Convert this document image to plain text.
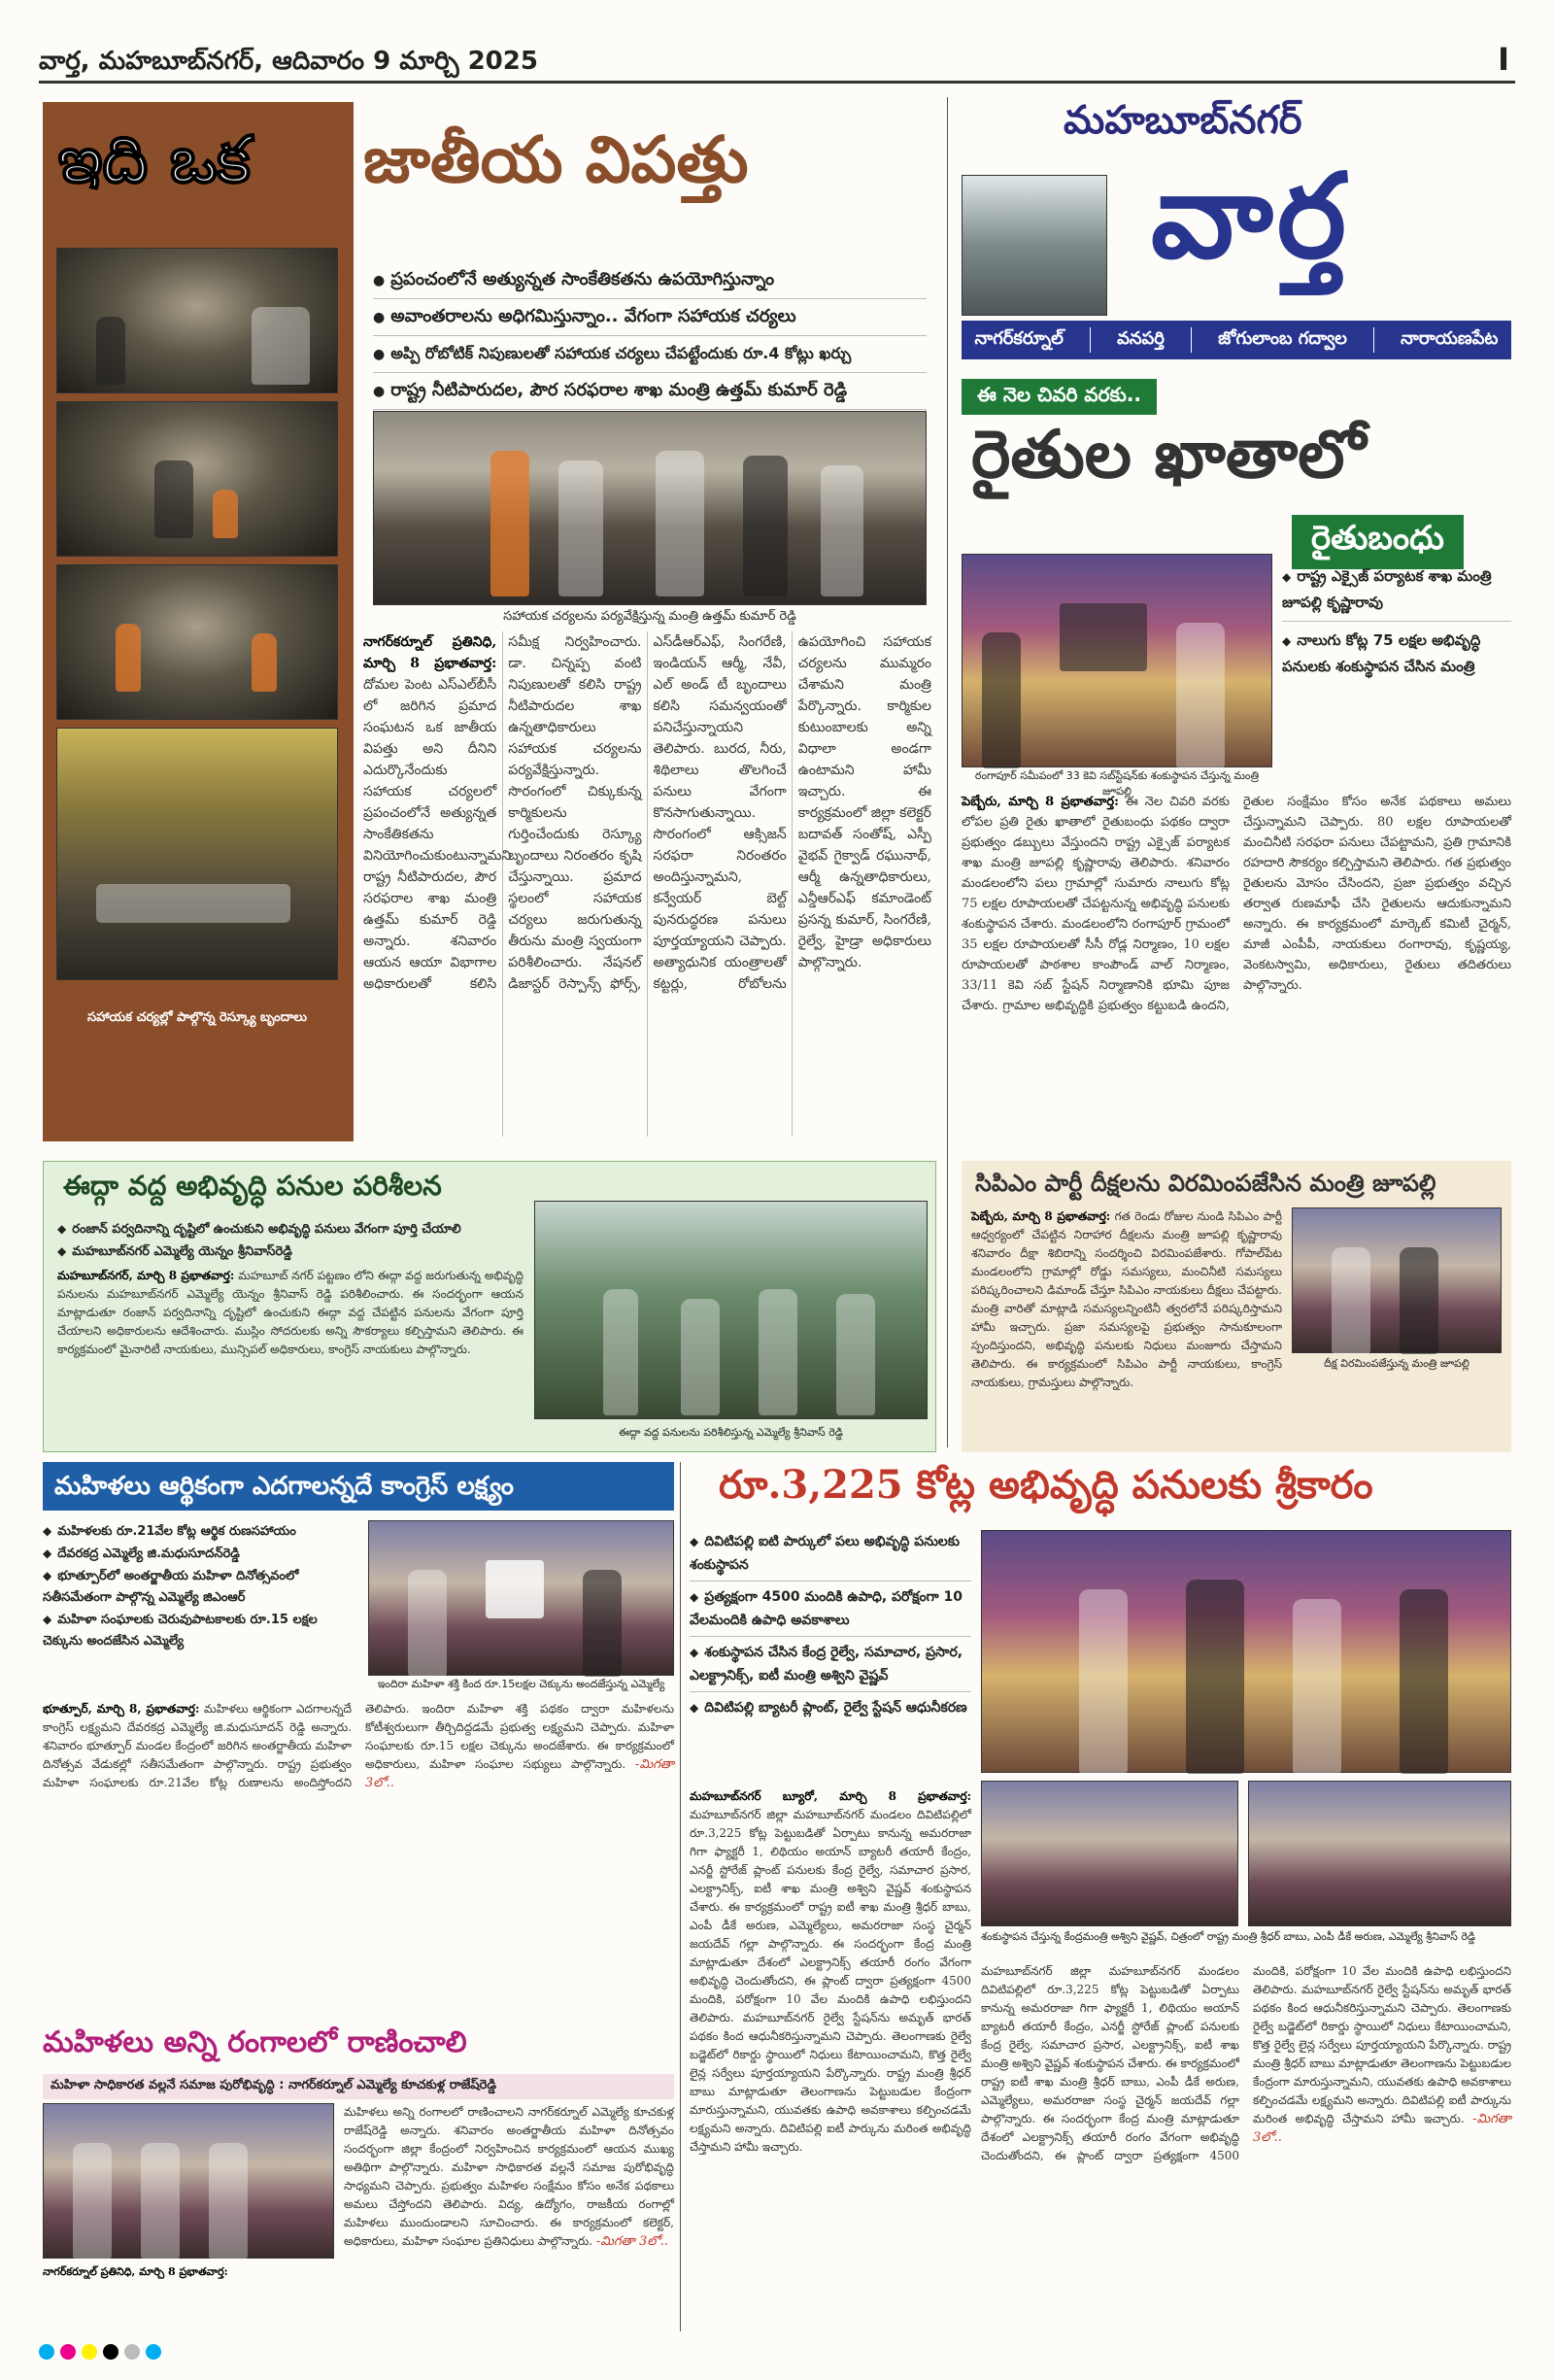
వార్త, మహబూబ్‌నగర్, ఆదివారం 9 మార్చి 2025	I
ఇది ఒక జాతీయ విపత్తు
సహాయక చర్యల్లో పాల్గొన్న రెస్క్యూ బృందాలు
● ప్రపంచంలోనే అత్యున్నత సాంకేతికతను ఉపయోగిస్తున్నాం
● అవాంతరాలను అధిగమిస్తున్నాం.. వేగంగా సహాయక చర్యలు
● అప్పి రోబోటిక్ నిపుణులతో సహాయక చర్యలు చేపట్టేందుకు రూ.4 కోట్లు ఖర్చు
● రాష్ట్ర నీటిపారుదల, పౌర సరఫరాల శాఖ మంత్రి ఉత్తమ్ కుమార్ రెడ్డి
సహాయక చర్యలను పర్యవేక్షిస్తున్న మంత్రి ఉత్తమ్ కుమార్ రెడ్డి
నాగర్‌కర్నూల్ ప్రతినిధి, మార్చి 8 ప్రభాతవార్త: దోమల పెంట ఎస్ఎల్‌బీసీ లో జరిగిన ప్రమాద సంఘటన ఒక జాతీయ విపత్తు అని దీనిని ఎదుర్కొనేందుకు సహాయక చర్యలలో ప్రపంచంలోనే అత్యున్నత సాంకేతికతను వినియోగించుకుంటున్నామని రాష్ట్ర నీటిపారుదల, పౌర సరఫరాల శాఖ మంత్రి ఉత్తమ్ కుమార్ రెడ్డి అన్నారు. శనివారం ఆయన ఆయా విభాగాల అధికారులతో కలిసి సమీక్ష నిర్వహించారు. డా. చిన్నప్ప వంటి నిపుణులతో కలిసి రాష్ట్ర నీటిపారుదల శాఖ ఉన్నతాధికారులు సహాయక చర్యలను పర్యవేక్షిస్తున్నారు. సొరంగంలో చిక్కుకున్న కార్మికులను గుర్తించేందుకు రెస్క్యూ బృందాలు నిరంతరం కృషి చేస్తున్నాయి. ప్రమాద స్థలంలో సహాయక చర్యలు జరుగుతున్న తీరును మంత్రి స్వయంగా పరిశీలించారు. నేషనల్ డిజాస్టర్ రెస్పాన్స్ ఫోర్స్, ఎస్‌డీఆర్ఎఫ్, సింగరేణి, ఇండియన్ ఆర్మీ, నేవీ, ఎల్ అండ్ టీ బృందాలు కలిసి సమన్వయంతో పనిచేస్తున్నాయని తెలిపారు. బురద, నీరు, శిథిలాలు తొలగించే పనులు వేగంగా కొనసాగుతున్నాయి. సొరంగంలో ఆక్సిజన్ సరఫరా నిరంతరం అందిస్తున్నామని, కన్వేయర్ బెల్ట్ పునరుద్ధరణ పనులు పూర్తయ్యాయని చెప్పారు. అత్యాధునిక యంత్రాలతో కట్టర్లు, రోబోలను ఉపయోగించి సహాయక చర్యలను ముమ్మరం చేశామని మంత్రి పేర్కొన్నారు. కార్మికుల కుటుంబాలకు అన్ని విధాలా అండగా ఉంటామని హామీ ఇచ్చారు. ఈ కార్యక్రమంలో జిల్లా కలెక్టర్ బదావత్ సంతోష్, ఎస్పీ వైభవ్ గైక్వాడ్ రఘునాథ్, ఆర్మీ ఉన్నతాధికారులు, ఎన్డీఆర్ఎఫ్ కమాండెంట్ ప్రసన్న కుమార్, సింగరేణి, రైల్వే, హైడ్రా అధికారులు పాల్గొన్నారు.
మహబూబ్‌నగర్
వార్త
నాగర్‌కర్నూల్	వనపర్తి	జోగులాంబ గద్వాల	నారాయణపేట
ఈ నెల చివరి వరకు..
రైతుల ఖాతాలో
రైతుబంధు
రంగాపూర్ సమీపంలో 33 కెవి సబ్‌స్టేషన్‌కు శంకుస్థాపన చేస్తున్న మంత్రి జూపల్లి
◆ రాష్ట్ర ఎక్సైజ్ పర్యాటక శాఖ మంత్రి జూపల్లి కృష్ణారావు
◆ నాలుగు కోట్ల 75 లక్షల అభివృద్ధి పనులకు శంకుస్థాపన చేసిన మంత్రి
పెబ్బేరు, మార్చి 8 ప్రభాతవార్త: ఈ నెల చివరి వరకు లోపల ప్రతి రైతు ఖాతాలో రైతుబంధు పథకం ద్వారా ప్రభుత్వం డబ్బులు వేస్తుందని రాష్ట్ర ఎక్సైజ్ పర్యాటక శాఖ మంత్రి జూపల్లి కృష్ణారావు తెలిపారు. శనివారం మండలంలోని పలు గ్రామాల్లో సుమారు నాలుగు కోట్ల 75 లక్షల రూపాయలతో చేపట్టనున్న అభివృద్ధి పనులకు శంకుస్థాపన చేశారు. మండలంలోని రంగాపూర్ గ్రామంలో 35 లక్షల రూపాయలతో సీసీ రోడ్ల నిర్మాణం, 10 లక్షల రూపాయలతో పాఠశాల కాంపౌండ్ వాల్ నిర్మాణం, 33/11 కెవి సబ్ స్టేషన్ నిర్మాణానికి భూమి పూజ చేశారు. గ్రామాల అభివృద్ధికి ప్రభుత్వం కట్టుబడి ఉందని, రైతుల సంక్షేమం కోసం అనేక పథకాలు అమలు చేస్తున్నామని చెప్పారు. 80 లక్షల రూపాయలతో మంచినీటి సరఫరా పనులు చేపట్టామని, ప్రతి గ్రామానికి రహదారి సౌకర్యం కల్పిస్తామని తెలిపారు. గత ప్రభుత్వం రైతులను మోసం చేసిందని, ప్రజా ప్రభుత్వం వచ్చిన తర్వాత రుణమాఫీ చేసి రైతులను ఆదుకున్నామని అన్నారు. ఈ కార్యక్రమంలో మార్కెట్ కమిటీ చైర్మన్, మాజీ ఎంపీపీ, నాయకులు రంగారావు, కృష్ణయ్య, వెంకటస్వామి, అధికారులు, రైతులు తదితరులు పాల్గొన్నారు.
సిపిఎం పార్టీ దీక్షలను విరమింపజేసిన మంత్రి జూపల్లి
పెబ్బేరు, మార్చి 8 ప్రభాతవార్త: గత రెండు రోజుల నుండి సిపిఎం పార్టీ ఆధ్వర్యంలో చేపట్టిన నిరాహార దీక్షలను మంత్రి జూపల్లి కృష్ణారావు శనివారం దీక్షా శిబిరాన్ని సందర్శించి విరమింపజేశారు. గోపాల్‌పేట మండలంలోని గ్రామాల్లో రోడ్డు సమస్యలు, మంచినీటి సమస్యలు పరిష్కరించాలని డిమాండ్ చేస్తూ సిపిఎం నాయకులు దీక్షలు చేపట్టారు. మంత్రి వారితో మాట్లాడి సమస్యలన్నింటినీ త్వరలోనే పరిష్కరిస్తామని హామీ ఇచ్చారు. ప్రజా సమస్యలపై ప్రభుత్వం సానుకూలంగా స్పందిస్తుందని, అభివృద్ధి పనులకు నిధులు మంజూరు చేస్తామని తెలిపారు. ఈ కార్యక్రమంలో సిపిఎం పార్టీ నాయకులు, కాంగ్రెస్ నాయకులు, గ్రామస్తులు పాల్గొన్నారు.
దీక్ష విరమింపజేస్తున్న మంత్రి జూపల్లి
ఈద్గా వద్ద అభివృద్ధి పనుల పరిశీలన
◆ రంజాన్ పర్వదినాన్ని దృష్టిలో ఉంచుకుని అభివృద్ధి పనులు వేగంగా పూర్తి చేయాలి
◆ మహబూబ్‌నగర్ ఎమ్మెల్యే యెన్నం శ్రీనివాస్‌రెడ్డి
మహబూబ్‌నగర్, మార్చి 8 ప్రభాతవార్త: మహబూబ్ నగర్ పట్టణం లోని ఈద్గా వద్ద జరుగుతున్న అభివృద్ధి పనులను మహబూబ్‌నగర్ ఎమ్మెల్యే యెన్నం శ్రీనివాస్ రెడ్డి పరిశీలించారు. ఈ సందర్భంగా ఆయన మాట్లాడుతూ రంజాన్ పర్వదినాన్ని దృష్టిలో ఉంచుకుని ఈద్గా వద్ద చేపట్టిన పనులను వేగంగా పూర్తి చేయాలని అధికారులను ఆదేశించారు. ముస్లిం సోదరులకు అన్ని సౌకర్యాలు కల్పిస్తామని తెలిపారు. ఈ కార్యక్రమంలో మైనారిటీ నాయకులు, మున్సిపల్ అధికారులు, కాంగ్రెస్ నాయకులు పాల్గొన్నారు.
ఈద్గా వద్ద పనులను పరిశీలిస్తున్న ఎమ్మెల్యే శ్రీనివాస్ రెడ్డి
మహిళలు ఆర్థికంగా ఎదగాలన్నదే కాంగ్రెస్ లక్ష్యం
◆ మహిళలకు రూ.21వేల కోట్ల ఆర్థిక రుణసహాయం
◆ దేవరకద్ర ఎమ్మెల్యే జి.మధుసూదన్‌రెడ్డి
◆ భూత్పూర్‌లో అంతర్జాతీయ మహిళా దినోత్సవంలో సతీసమేతంగా పాల్గొన్న ఎమ్మెల్యే జిఎంఆర్
◆ మహిళా సంఘాలకు చెరువుపాటకాలకు రూ.15 లక్షల చెక్కును అందజేసిన ఎమ్మెల్యే
ఇందిరా మహిళా శక్తి కింద రూ.15లక్షల చెక్కును అందజేస్తున్న ఎమ్మెల్యే
భూత్పూర్, మార్చి 8, ప్రభాతవార్త: మహిళలు ఆర్థికంగా ఎదగాలన్నదే కాంగ్రెస్ లక్ష్యమని దేవరకద్ర ఎమ్మెల్యే జి.మధుసూదన్ రెడ్డి అన్నారు. శనివారం భూత్పూర్ మండల కేంద్రంలో జరిగిన అంతర్జాతీయ మహిళా దినోత్సవ వేడుకల్లో సతీసమేతంగా పాల్గొన్నారు. రాష్ట్ర ప్రభుత్వం మహిళా సంఘాలకు రూ.21వేల కోట్ల రుణాలను అందిస్తోందని తెలిపారు. ఇందిరా మహిళా శక్తి పథకం ద్వారా మహిళలను కోటీశ్వరులుగా తీర్చిదిద్దడమే ప్రభుత్వ లక్ష్యమని చెప్పారు. మహిళా సంఘాలకు రూ.15 లక్షల చెక్కును అందజేశారు. ఈ కార్యక్రమంలో అధికారులు, మహిళా సంఘాల సభ్యులు పాల్గొన్నారు. -మిగతా 3లో..
మహిళలు అన్ని రంగాలలో రాణించాలి
మహిళా సాధికారత వల్లనే సమాజ పురోభివృద్ధి : నాగర్‌కర్నూల్ ఎమ్మెల్యే కూచకుళ్ల రాజేష్‌రెడ్డి
నాగర్‌కర్నూల్ ప్రతినిధి, మార్చి 8 ప్రభాతవార్త:
మహిళలు అన్ని రంగాలలో రాణించాలని నాగర్‌కర్నూల్ ఎమ్మెల్యే కూచకుళ్ల రాజేష్‌రెడ్డి అన్నారు. శనివారం అంతర్జాతీయ మహిళా దినోత్సవం సందర్భంగా జిల్లా కేంద్రంలో నిర్వహించిన కార్యక్రమంలో ఆయన ముఖ్య అతిథిగా పాల్గొన్నారు. మహిళా సాధికారత వల్లనే సమాజ పురోభివృద్ధి సాధ్యమని చెప్పారు. ప్రభుత్వం మహిళల సంక్షేమం కోసం అనేక పథకాలు అమలు చేస్తోందని తెలిపారు. విద్య, ఉద్యోగం, రాజకీయ రంగాల్లో మహిళలు ముందుండాలని సూచించారు. ఈ కార్యక్రమంలో కలెక్టర్, అధికారులు, మహిళా సంఘాల ప్రతినిధులు పాల్గొన్నారు. -మిగతా 3లో..
రూ.3,225 కోట్ల అభివృద్ధి పనులకు శ్రీకారం
◆ దివిటిపల్లి ఐటి పార్కులో పలు అభివృద్ధి పనులకు శంకుస్థాపన
◆ ప్రత్యక్షంగా 4500 మందికి ఉపాధి, పరోక్షంగా 10 వేలమందికి ఉపాధి అవకాశాలు
◆ శంకుస్థాపన చేసిన కేంద్ర రైల్వే, సమాచార, ప్రసార, ఎలక్ట్రానిక్స్, ఐటీ మంత్రి అశ్విని వైష్ణవ్
◆ దివిటిపల్లి బ్యాటరీ ప్లాంట్, రైల్వే స్టేషన్ ఆధునీకరణ
శంకుస్థాపన చేస్తున్న కేంద్రమంత్రి అశ్విని వైష్ణవ్, చిత్రంలో రాష్ట్ర మంత్రి శ్రీధర్ బాబు, ఎంపీ డీకే అరుణ, ఎమ్మెల్యే శ్రీనివాస్ రెడ్డి
మహబూబ్‌నగర్ బ్యూరో, మార్చి 8 ప్రభాతవార్త: మహబూబ్‌నగర్ జిల్లా మహబూబ్‌నగర్ మండలం దివిటిపల్లిలో రూ.3,225 కోట్ల పెట్టుబడితో ఏర్పాటు కానున్న అమరరాజా గిగా ఫ్యాక్టరీ 1, లిథియం అయాన్ బ్యాటరీ తయారీ కేంద్రం, ఎనర్జీ స్టోరేజ్ ప్లాంట్ పనులకు కేంద్ర రైల్వే, సమాచార ప్రసార, ఎలక్ట్రానిక్స్, ఐటీ శాఖ మంత్రి అశ్విని వైష్ణవ్ శంకుస్థాపన చేశారు. ఈ కార్యక్రమంలో రాష్ట్ర ఐటీ శాఖ మంత్రి శ్రీధర్ బాబు, ఎంపీ డీకే అరుణ, ఎమ్మెల్యేలు, అమరరాజా సంస్థ చైర్మన్ జయదేవ్ గల్లా పాల్గొన్నారు. ఈ సందర్భంగా కేంద్ర మంత్రి మాట్లాడుతూ దేశంలో ఎలక్ట్రానిక్స్ తయారీ రంగం వేగంగా అభివృద్ధి చెందుతోందని, ఈ ప్లాంట్ ద్వారా ప్రత్యక్షంగా 4500 మందికి, పరోక్షంగా 10 వేల మందికి ఉపాధి లభిస్తుందని తెలిపారు. మహబూబ్‌నగర్ రైల్వే స్టేషన్‌ను అమృత్ భారత్ పథకం కింద ఆధునీకరిస్తున్నామని చెప్పారు. తెలంగాణకు రైల్వే బడ్జెట్‌లో రికార్డు స్థాయిలో నిధులు కేటాయించామని, కొత్త రైల్వే లైన్ల సర్వేలు పూర్తయ్యాయని పేర్కొన్నారు. రాష్ట్ర మంత్రి శ్రీధర్ బాబు మాట్లాడుతూ తెలంగాణను పెట్టుబడుల కేంద్రంగా మారుస్తున్నామని, యువతకు ఉపాధి అవకాశాలు కల్పించడమే లక్ష్యమని అన్నారు. దివిటిపల్లి ఐటీ పార్కును మరింత అభివృద్ధి చేస్తామని హామీ ఇచ్చారు.
మహబూబ్‌నగర్ జిల్లా మహబూబ్‌నగర్ మండలం దివిటిపల్లిలో రూ.3,225 కోట్ల పెట్టుబడితో ఏర్పాటు కానున్న అమరరాజా గిగా ఫ్యాక్టరీ 1, లిథియం అయాన్ బ్యాటరీ తయారీ కేంద్రం, ఎనర్జీ స్టోరేజ్ ప్లాంట్ పనులకు కేంద్ర రైల్వే, సమాచార ప్రసార, ఎలక్ట్రానిక్స్, ఐటీ శాఖ మంత్రి అశ్విని వైష్ణవ్ శంకుస్థాపన చేశారు. ఈ కార్యక్రమంలో రాష్ట్ర ఐటీ శాఖ మంత్రి శ్రీధర్ బాబు, ఎంపీ డీకే అరుణ, ఎమ్మెల్యేలు, అమరరాజా సంస్థ చైర్మన్ జయదేవ్ గల్లా పాల్గొన్నారు. ఈ సందర్భంగా కేంద్ర మంత్రి మాట్లాడుతూ దేశంలో ఎలక్ట్రానిక్స్ తయారీ రంగం వేగంగా అభివృద్ధి చెందుతోందని, ఈ ప్లాంట్ ద్వారా ప్రత్యక్షంగా 4500 మందికి, పరోక్షంగా 10 వేల మందికి ఉపాధి లభిస్తుందని తెలిపారు. మహబూబ్‌నగర్ రైల్వే స్టేషన్‌ను అమృత్ భారత్ పథకం కింద ఆధునీకరిస్తున్నామని చెప్పారు. తెలంగాణకు రైల్వే బడ్జెట్‌లో రికార్డు స్థాయిలో నిధులు కేటాయించామని, కొత్త రైల్వే లైన్ల సర్వేలు పూర్తయ్యాయని పేర్కొన్నారు. రాష్ట్ర మంత్రి శ్రీధర్ బాబు మాట్లాడుతూ తెలంగాణను పెట్టుబడుల కేంద్రంగా మారుస్తున్నామని, యువతకు ఉపాధి అవకాశాలు కల్పించడమే లక్ష్యమని అన్నారు. దివిటిపల్లి ఐటీ పార్కును మరింత అభివృద్ధి చేస్తామని హామీ ఇచ్చారు. -మిగతా 3లో..
